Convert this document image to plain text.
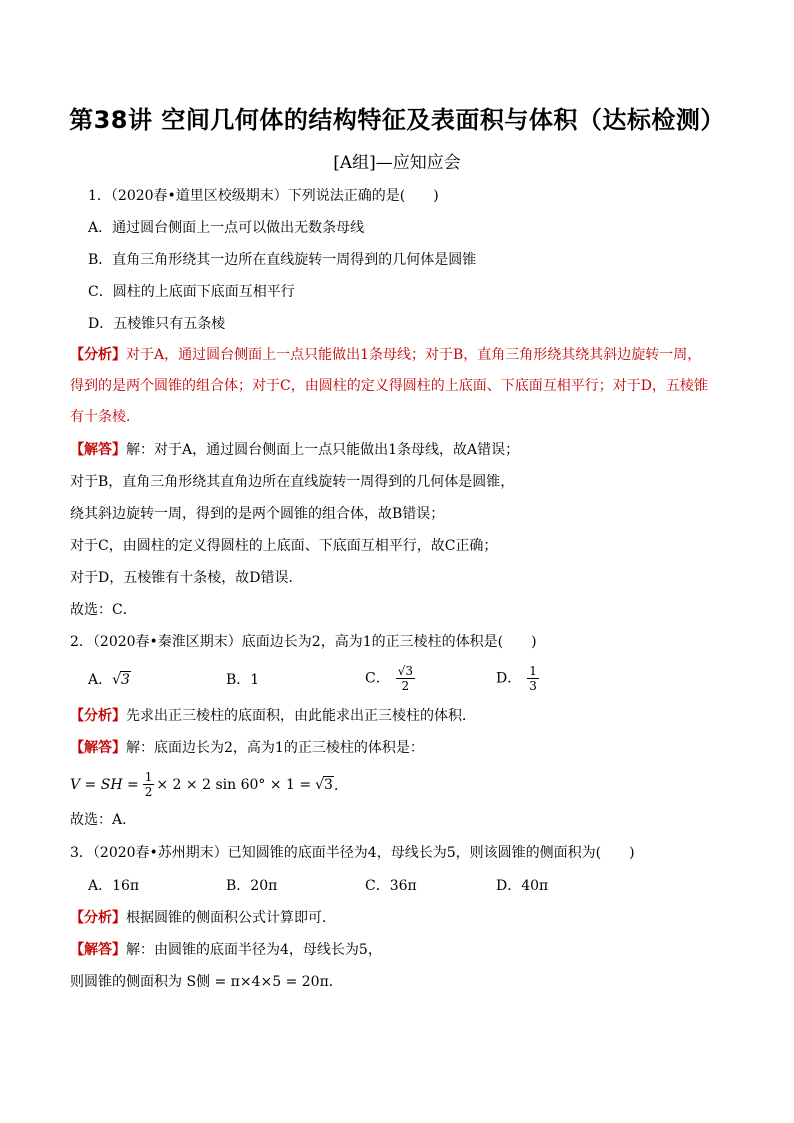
第38讲 空间几何体的结构特征及表面积与体积（达标检测）
[A组]—应知应会
1．（2020春•道里区校级期末）下列说法正确的是(　　)
A．通过圆台侧面上一点可以做出无数条母线
B．直角三角形绕其一边所在直线旋转一周得到的几何体是圆锥
C．圆柱的上底面下底面互相平行
D．五棱锥只有五条棱
【分析】对于A，通过圆台侧面上一点只能做出1条母线；对于B，直角三角形绕其绕其斜边旋转一周，
得到的是两个圆锥的组合体；对于C，由圆柱的定义得圆柱的上底面、下底面互相平行；对于D，五棱锥
有十条棱．
【解答】解：对于A，通过圆台侧面上一点只能做出1条母线，故A错误；
对于B，直角三角形绕其直角边所在直线旋转一周得到的几何体是圆锥，
绕其斜边旋转一周，得到的是两个圆锥的组合体，故B错误；
对于C，由圆柱的定义得圆柱的上底面、下底面互相平行，故C正确；
对于D，五棱锥有十条棱，故D错误．
故选：C．
2．（2020春•秦淮区期末）底面边长为2，高为1的正三棱柱的体积是(　　)
A．√3	B．1	C． $\frac{√3}{2}$	D． $\frac{1}{3}$
【分析】先求出正三棱柱的底面积，由此能求出正三棱柱的体积．
【解答】解：底面边长为2，高为1的正三棱柱的体积是：
V = SH = $\frac{1}{2} \times 2 \times 2$ sin 60° × 1 = √ 3 ．
故选：A．
3．（2020春•苏州期末）已知圆锥的底面半径为4，母线长为5，则该圆锥的侧面积为(　　)
A．16π	B．20π	C．36π	D．40π
【分析】根据圆锥的侧面积公式计算即可．
【解答】解：由圆锥的底面半径为4，母线长为5，
则圆锥的侧面积为 S侧 = π×4×5 = 20π．
